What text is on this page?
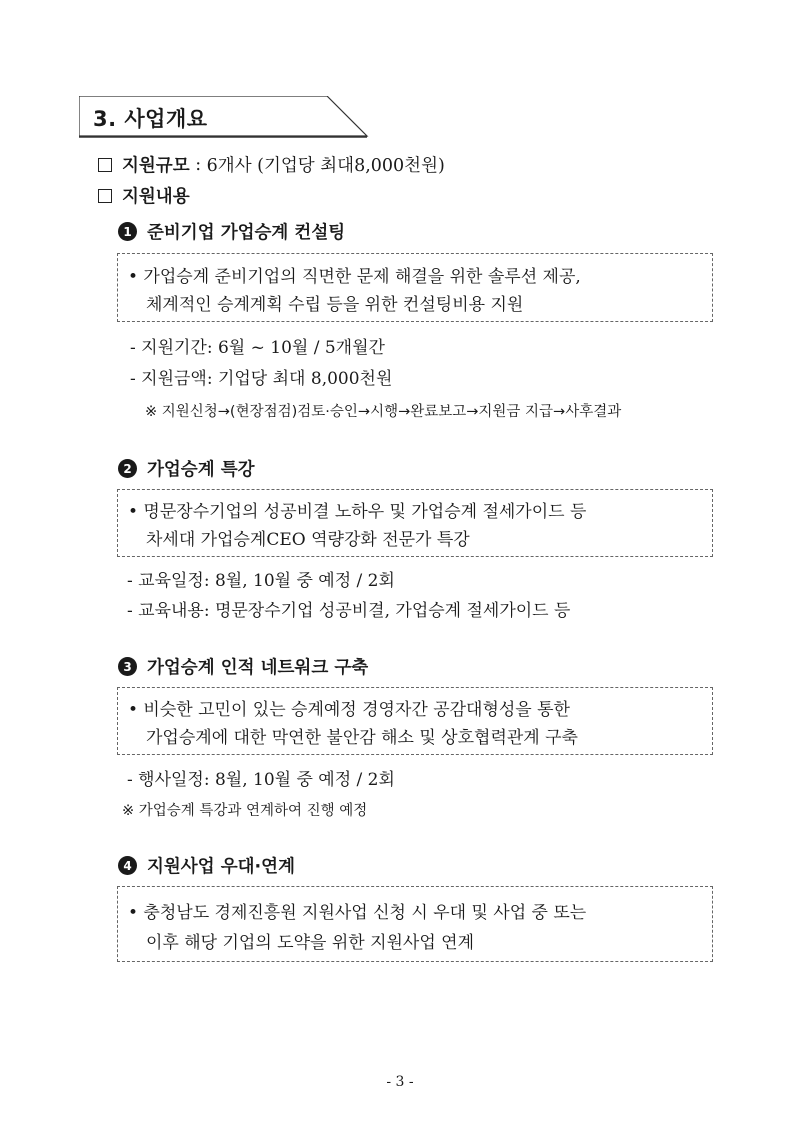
3. 사업개요
지원규모 : 6개사 (기업당 최대8,000천원)
지원내용
1 준비기업 가업승계 컨설팅
• 가업승계 준비기업의 직면한 문제 해결을 위한 솔루션 제공,
체계적인 승계계획 수립 등을 위한 컨설팅비용 지원
- 지원기간: 6월 ~ 10월 / 5개월간
- 지원금액: 기업당 최대 8,000천원
※ 지원신청→(현장점검)검토·승인→시행→완료보고→지원금 지급→사후결과
2 가업승계 특강
• 명문장수기업의 성공비결 노하우 및 가업승계 절세가이드 등
차세대 가업승계CEO 역량강화 전문가 특강
- 교육일정: 8월, 10월 중 예정 / 2회
- 교육내용: 명문장수기업 성공비결, 가업승계 절세가이드 등
3 가업승계 인적 네트워크 구축
• 비슷한 고민이 있는 승계예정 경영자간 공감대형성을 통한
가업승계에 대한 막연한 불안감 해소 및 상호협력관계 구축
- 행사일정: 8월, 10월 중 예정 / 2회
※ 가업승계 특강과 연계하여 진행 예정
4 지원사업 우대·연계
• 충청남도 경제진흥원 지원사업 신청 시 우대 및 사업 중 또는
이후 해당 기업의 도약을 위한 지원사업 연계
- 3 -
